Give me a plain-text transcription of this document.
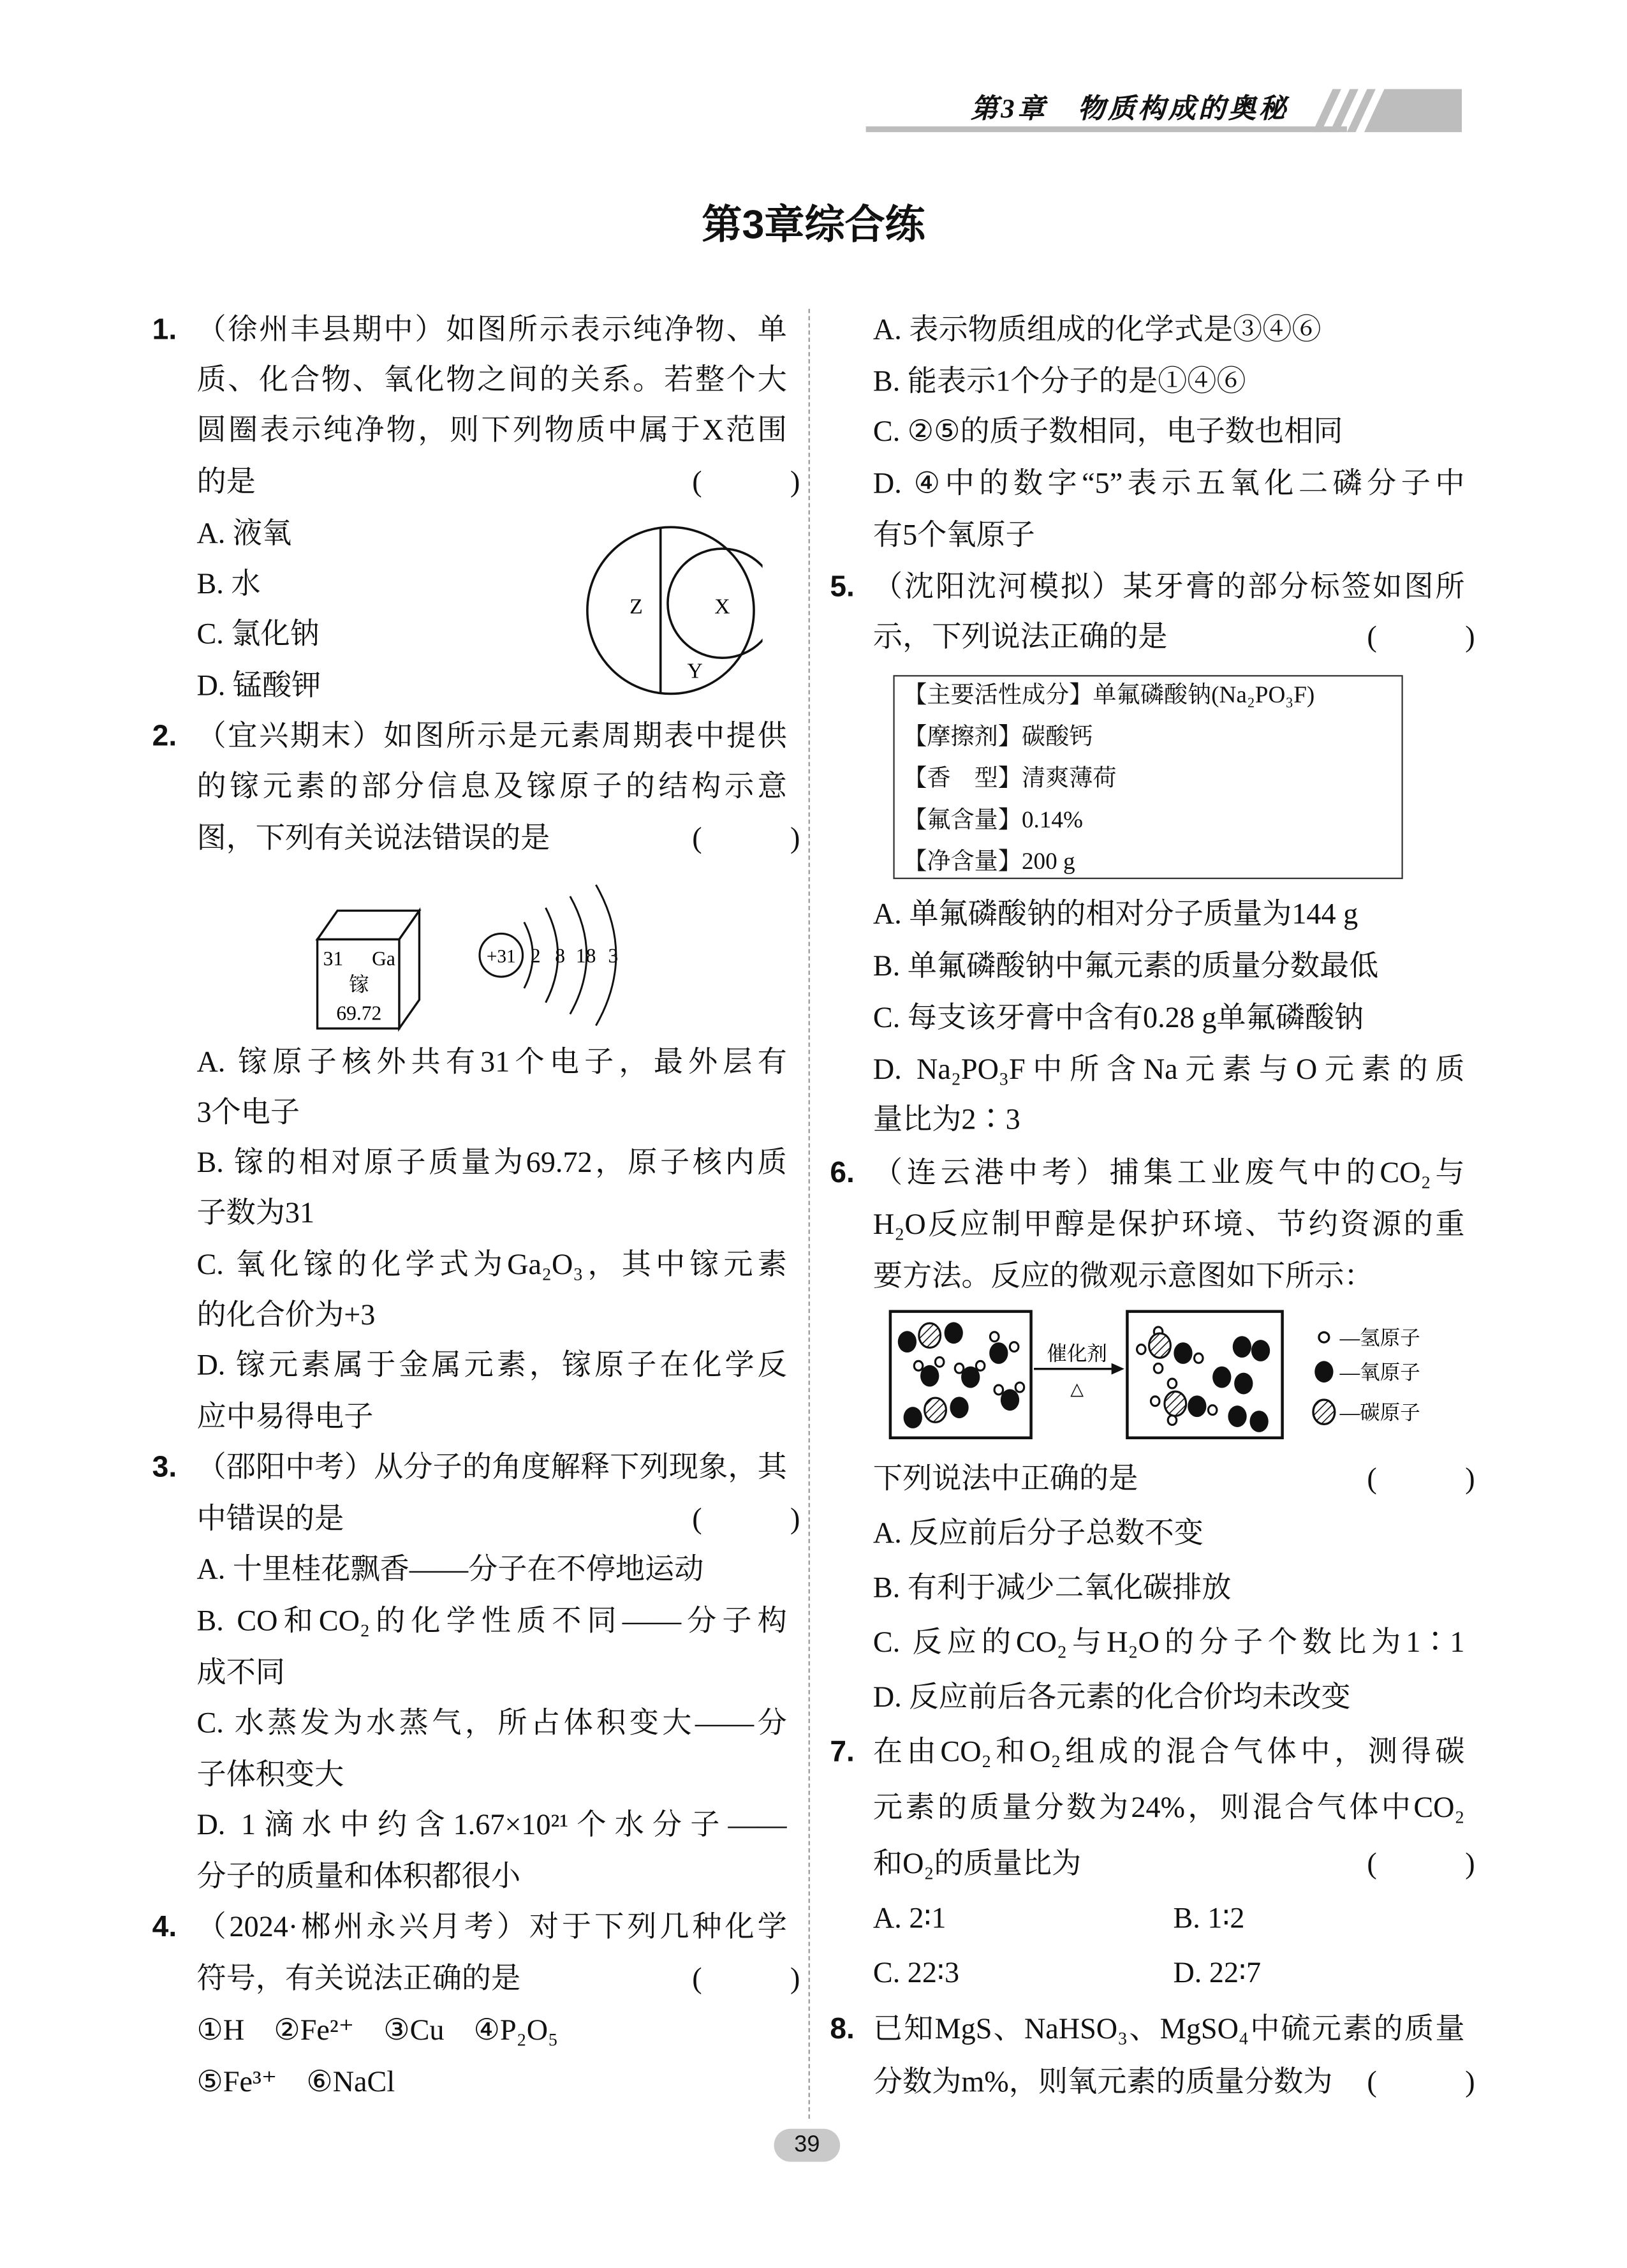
第3章　物质构成的奥秘
第3章综合练
1. （徐州丰县期中）如图所示表示纯净物、单
质、化合物、氧化物之间的关系。若整个大
圆圈表示纯净物，则下列物质中属于X范围
的是	(　　　)
A. 液氧
B. 水
C. 氯化钠
D. 锰酸钾
Z	X
Y
2. （宜兴期末）如图所示是元素周期表中提供
的镓元素的部分信息及镓原子的结构示意
图，下列有关说法错误的是	(　　　)
31	Ga
镓
69.72
+31 2 8 18 3
A. 镓原子核外共有31个电子，最外层有
3个电子
B. 镓的相对原子质量为69.72，原子核内质
子数为31
C. 氧化镓的化学式为Ga₂O₃，其中镓元素
的化合价为+3
D. 镓元素属于金属元素，镓原子在化学反
应中易得电子
3. （邵阳中考）从分子的角度解释下列现象，其
中错误的是	(　　　)
A. 十里桂花飘香——分子在不停地运动
B. CO和CO₂的化学性质不同——分子构
成不同
C. 水蒸发为水蒸气，所占体积变大——分
子体积变大
D. 1滴水中约含1.67×10²¹个水分子——
分子的质量和体积都很小
4. （2024·郴州永兴月考）对于下列几种化学
符号，有关说法正确的是	(　　　)
①H　②Fe²⁺　③Cu　④P₂O₅
⑤Fe³⁺　⑥NaCl
A. 表示物质组成的化学式是③④⑥
B. 能表示1个分子的是①④⑥
C. ②⑤的质子数相同，电子数也相同
D. ④中的数字“5”表示五氧化二磷分子中
有5个氧原子
5. （沈阳沈河模拟）某牙膏的部分标签如图所
示，下列说法正确的是	(　　　)
【主要活性成分】单氟磷酸钠(Na₂PO₃F)
【摩擦剂】碳酸钙
【香　型】清爽薄荷
【氟含量】0.14%
【净含量】200 g
A. 单氟磷酸钠的相对分子质量为144 g
B. 单氟磷酸钠中氟元素的质量分数最低
C. 每支该牙膏中含有0.28 g单氟磷酸钠
D. Na₂PO₃F中所含Na元素与O元素的质
量比为2∶3
6. （连云港中考）捕集工业废气中的CO₂与
H₂O反应制甲醇是保护环境、节约资源的重
要方法。反应的微观示意图如下所示：
催化剂
△
—氢原子
—氧原子
—碳原子
下列说法中正确的是	(　　　)
A. 反应前后分子总数不变
B. 有利于减少二氧化碳排放
C. 反应的CO₂与H₂O的分子个数比为1∶1
D. 反应前后各元素的化合价均未改变
7. 在由CO₂和O₂组成的混合气体中，测得碳
元素的质量分数为24%，则混合气体中CO₂
和O₂的质量比为	(　　　)
A. 2∶1	B. 1∶2
C. 22∶3	D. 22∶7
8. 已知MgS、NaHSO₃、MgSO₄中硫元素的质量
分数为m%，则氧元素的质量分数为	(　　　)
39
